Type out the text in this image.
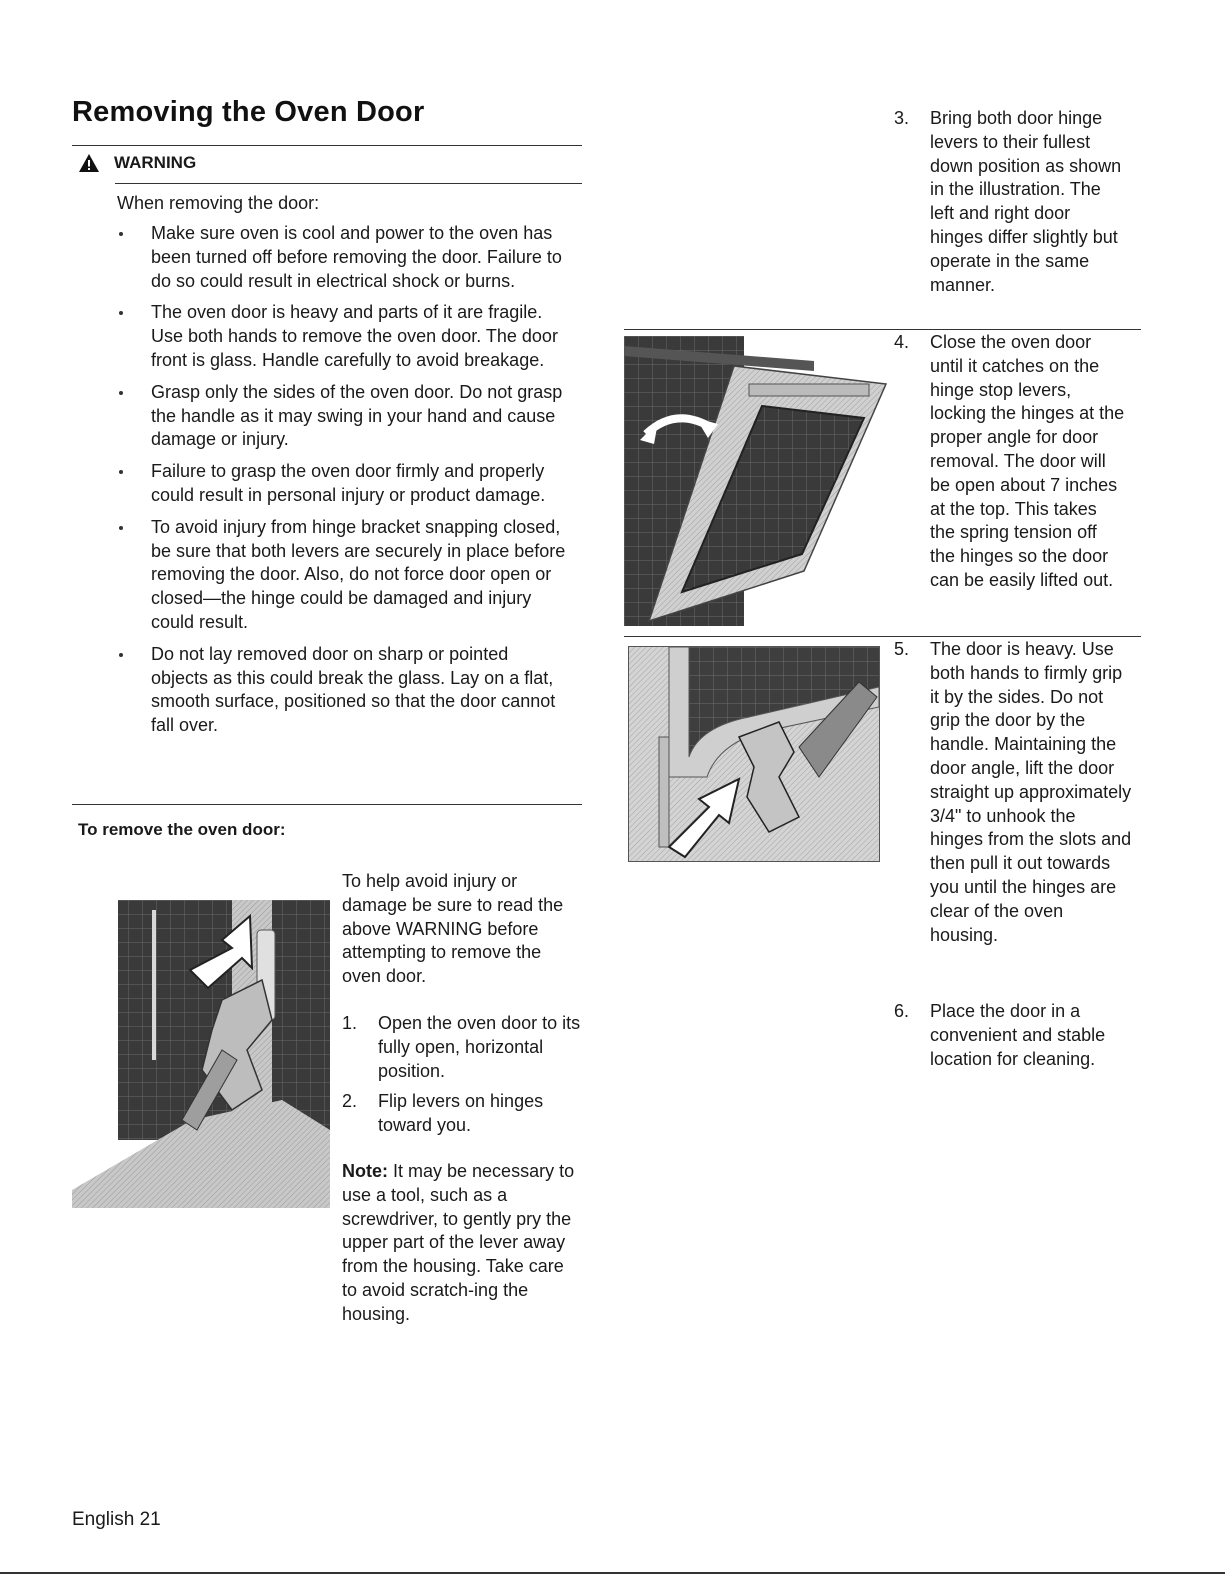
Removing the Oven Door
WARNING
When removing the door:
Make sure oven is cool and power to the oven has been turned off before removing the door. Failure to do so could result in electrical shock or burns.
The oven door is heavy and parts of it are fragile. Use both hands to remove the oven door. The door front is glass. Handle carefully to avoid breakage.
Grasp only the sides of the oven door. Do not grasp the handle as it may swing in your hand and cause damage or injury.
Failure to grasp the oven door firmly and properly could result in personal injury or product damage.
To avoid injury from hinge bracket snapping closed, be sure that both levers are securely in place before removing the door. Also, do not force door open or closed—the hinge could be damaged and injury could result.
Do not lay removed door on sharp or pointed objects as this could break the glass. Lay on a flat, smooth surface, positioned so that the door cannot fall over.
To remove the oven door:
To help avoid injury or damage be sure to read the above WARNING before attempting to remove the oven door.
1.	Open the oven door to its fully open, horizontal position.
2.	Flip levers on hinges toward you.
Note: It may be necessary to use a tool, such as a screwdriver, to gently pry the upper part of the lever away from the housing. Take care to avoid scratch-ing the housing.
3.	Bring both door hinge levers to their fullest down position as shown in the illustration. The left and right door hinges differ slightly but operate in the same manner.
4.	Close the oven door until it catches on the hinge stop levers, locking the hinges at the proper angle for door removal. The door will be open about 7 inches at the top. This takes the spring tension off the hinges so the door can be easily lifted out.
5.	The door is heavy. Use both hands to firmly grip it by the sides. Do not grip the door by the handle. Maintaining the door angle, lift the door straight up approximately 3/4" to unhook the hinges from the slots and then pull it out towards you until the hinges are clear of the oven housing.
6.	Place the door in a convenient and stable location for cleaning.
English 21
